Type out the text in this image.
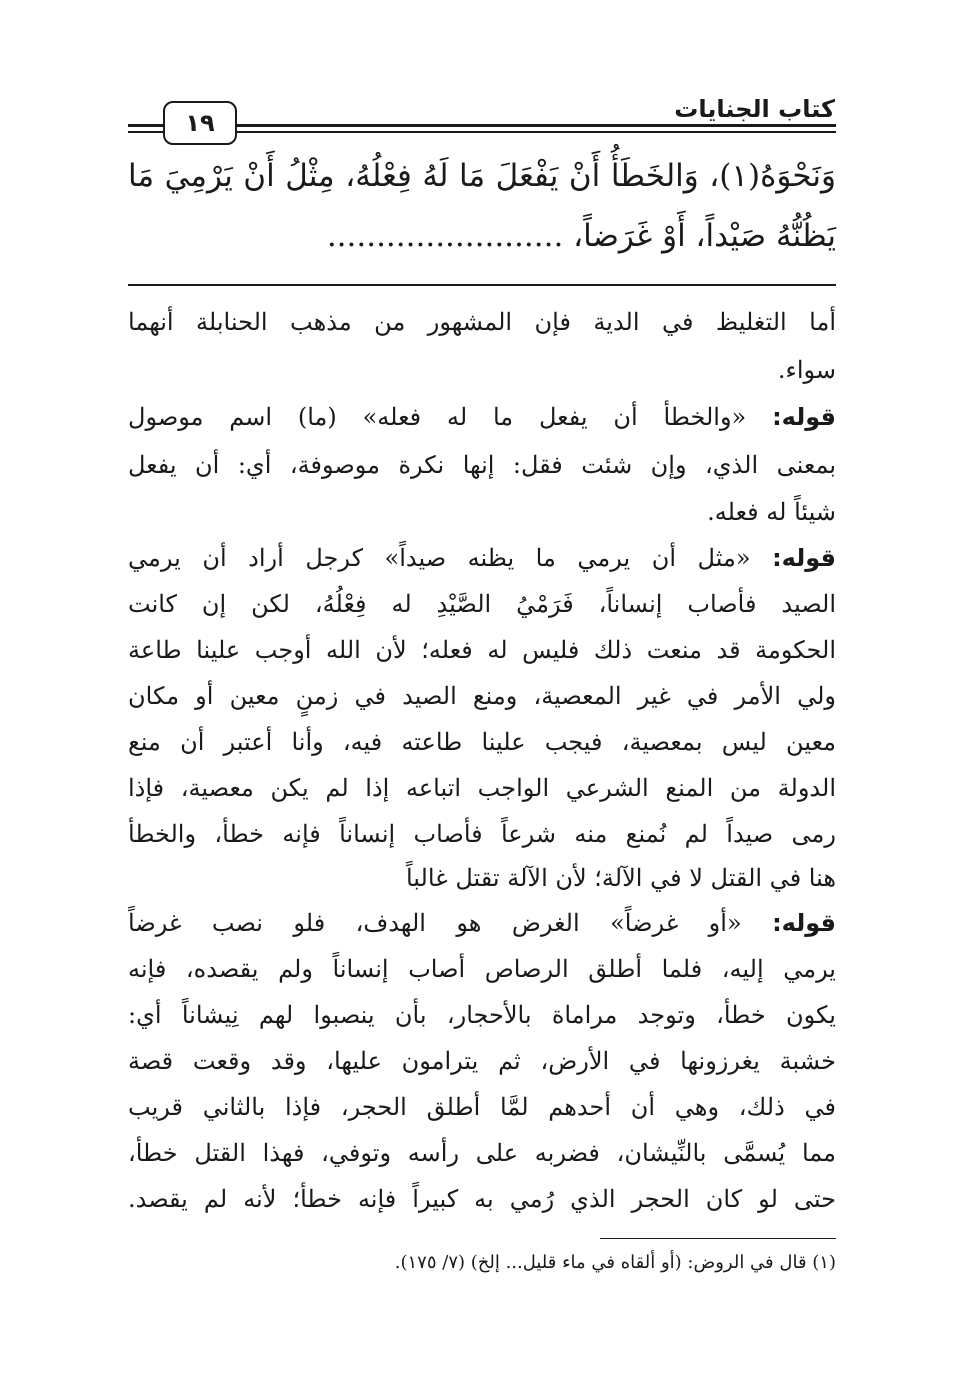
١٩	كتاب الجنايات
وَنَحْوَهُ(١)، وَالخَطَأُ أَنْ يَفْعَلَ مَا لَهُ فِعْلُهُ، مِثْلُ أَنْ يَرْمِيَ مَا
يَظُنُّهُ صَيْداً، أَوْ غَرَضاً، ........................
أما التغليظ في الدية فإن المشهور من مذهب الحنابلة أنهما
سواء.
قوله: «والخطأ أن يفعل ما له فعله» (ما) اسم موصول
بمعنى الذي، وإن شئت فقل: إنها نكرة موصوفة، أي: أن يفعل
شيئاً له فعله.
قوله: «مثل أن يرمي ما يظنه صيداً» كرجل أراد أن يرمي
الصيد فأصاب إنساناً، فَرَمْيُ الصَّيْدِ له فِعْلُهُ، لكن إن كانت
الحكومة قد منعت ذلك فليس له فعله؛ لأن الله أوجب علينا طاعة
ولي الأمر في غير المعصية، ومنع الصيد في زمنٍ معين أو مكان
معين ليس بمعصية، فيجب علينا طاعته فيه، وأنا أعتبر أن منع
الدولة من المنع الشرعي الواجب اتباعه إذا لم يكن معصية، فإذا
رمى صيداً لم نُمنع منه شرعاً فأصاب إنساناً فإنه خطأ، والخطأ
هنا في القتل لا في الآلة؛ لأن الآلة تقتل غالباً
قوله: «أو غرضاً» الغرض هو الهدف، فلو نصب غرضاً
يرمي إليه، فلما أطلق الرصاص أصاب إنساناً ولم يقصده، فإنه
يكون خطأ، وتوجد مراماة بالأحجار، بأن ينصبوا لهم نِيشاناً أي:
خشبة يغرزونها في الأرض، ثم يترامون عليها، وقد وقعت قصة
في ذلك، وهي أن أحدهم لمَّا أطلق الحجر، فإذا بالثاني قريب
مما يُسمَّى بالنِّيشان، فضربه على رأسه وتوفي، فهذا القتل خطأ،
حتى لو كان الحجر الذي رُمي به كبيراً فإنه خطأ؛ لأنه لم يقصد.
(١) قال في الروض: (أو ألقاه في ماء قليل... إلخ) (٧/ ١٧٥).
